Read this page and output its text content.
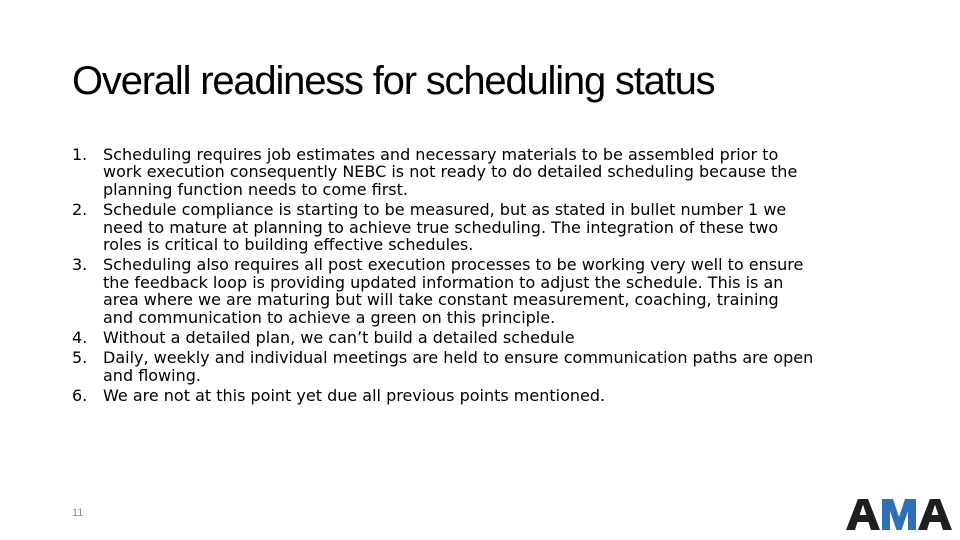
Overall readiness for scheduling status
1. Scheduling requires job estimates and necessary materials to be assembled prior to
work execution consequently NEBC is not ready to do detailed scheduling because the
planning function needs to come first.
2. Schedule compliance is starting to be measured, but as stated in bullet number 1 we
need to mature at planning to achieve true scheduling. The integration of these two
roles is critical to building effective schedules.
3. Scheduling also requires all post execution processes to be working very well to ensure
the feedback loop is providing updated information to adjust the schedule. This is an
area where we are maturing but will take constant measurement, coaching, training
and communication to achieve a green on this principle.
4. Without a detailed plan, we can’t build a detailed schedule
5. Daily, weekly and individual meetings are held to ensure communication paths are open
and flowing.
6. We are not at this point yet due all previous points mentioned.
11
